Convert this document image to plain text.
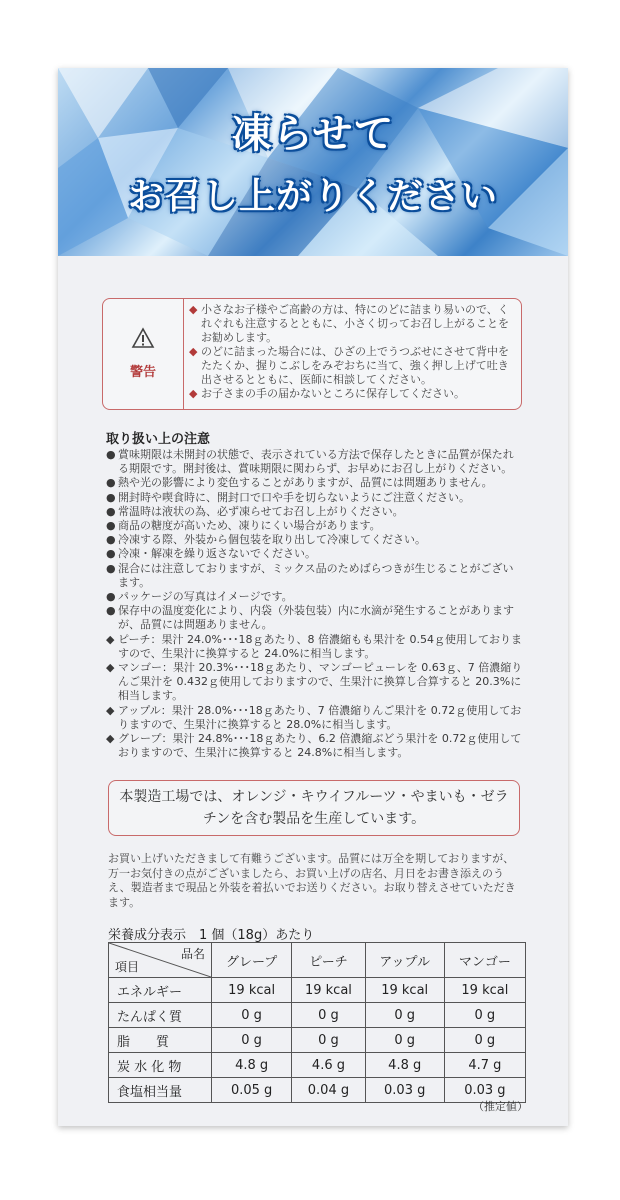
凍らせて
お召し上がりください
警告

◆ 小さなお子様やご高齢の方は、特にのどに詰まり易いので、くれぐれも注意するとともに、小さく切ってお召し上がることをお勧めします。

◆ のどに詰まった場合には、ひざの上でうつぶせにさせて背中をたたくか、握りこぶしをみぞおちに当て、強く押し上げて吐き出させるとともに、医師に相談してください。

◆ お子さまの手の届かないところに保存してください。

取り扱い上の注意

● 賞味期限は未開封の状態で、表示されている方法で保存したときに品質が保たれる期限です。開封後は、賞味期限に関わらず、お早めにお召し上がりください。

● 熱や光の影響により変色することがありますが、品質には問題ありません。

● 開封時や喫食時に、開封口で口や手を切らないようにご注意ください。

● 常温時は液状の為、必ず凍らせてお召し上がりください。

● 商品の糖度が高いため、凍りにくい場合があります。

● 冷凍する際、外装から個包装を取り出して冷凍してください。

● 冷凍・解凍を繰り返さないでください。

● 混合には注意しておりますが、ミックス品のためばらつきが生じることがございます。

● パッケージの写真はイメージです。

● 保存中の温度変化により、内袋（外装包装）内に水滴が発生することがありますが、品質には問題ありません。

◆ ピーチ：果汁 24.0%･･･18ｇあたり、8 倍濃縮もも果汁を 0.54ｇ使用しておりますので、生果汁に換算すると 24.0%に相当します。

◆ マンゴー：果汁 20.3%･･･18ｇあたり、マンゴーピューレを 0.63ｇ、7 倍濃縮りんご果汁を 0.432ｇ使用しておりますので、生果汁に換算し合算すると 20.3%に相当します。

◆ アップル：果汁 28.0%･･･18ｇあたり、7 倍濃縮りんご果汁を 0.72ｇ使用しておりますので、生果汁に換算すると 28.0%に相当します。

◆ グレープ：果汁 24.8%･･･18ｇあたり、6.2 倍濃縮ぶどう果汁を 0.72ｇ使用しておりますので、生果汁に換算すると 24.8%に相当します。

本製造工場では、オレンジ・キウイフルーツ・やまいも・ゼラチンを含む製品を生産しています。
お買い上げいただきまして有難うございます。品質には万全を期しておりますが、万一お気付きの点がございましたら、お買い上げの店名、月日をお書き添えのうえ、製造者まで現品と外装を着払いでお送りください。お取り替えさせていただきます。
栄養成分表示　1 個（18g）あたり
品名
項目	グレープ	ピーチ	アップル	マンゴー
エネルギー	19 kcal	19 kcal	19 kcal	19 kcal
たんぱく質	0 g	0 g	0 g	0 g
脂　　質	0 g	0 g	0 g	0 g
炭 水 化 物	4.8 g	4.6 g	4.8 g	4.7 g
食塩相当量	0.05 g	0.04 g	0.03 g	0.03 g
（推定値）
